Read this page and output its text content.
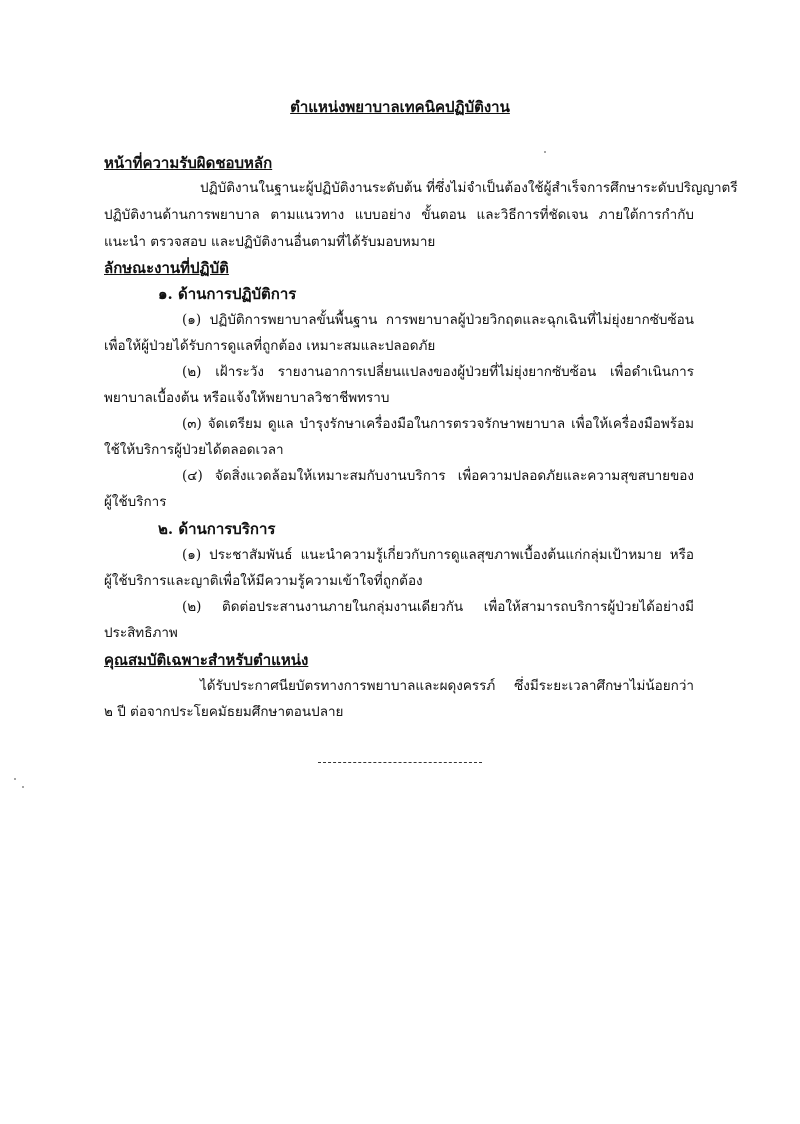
ตำแหน่งพยาบาลเทคนิคปฏิบัติงาน
หน้าที่ความรับผิดชอบหลัก
ปฏิบัติงานในฐานะผู้ปฏิบัติงานระดับต้น ที่ซึ่งไม่จำเป็นต้องใช้ผู้สำเร็จการศึกษาระดับปริญญาตรี
ปฏิบัติงานด้านการพยาบาล ตามแนวทาง แบบอย่าง ขั้นตอน และวิธีการที่ชัดเจน ภายใต้การกำกับ
แนะนำ ตรวจสอบ และปฏิบัติงานอื่นตามที่ได้รับมอบหมาย
ลักษณะงานที่ปฏิบัติ
๑. ด้านการปฏิบัติการ
(๑) ปฏิบัติการพยาบาลขั้นพื้นฐาน การพยาบาลผู้ป่วยวิกฤตและฉุกเฉินที่ไม่ยุ่งยากซับซ้อน
เพื่อให้ผู้ป่วยได้รับการดูแลที่ถูกต้อง เหมาะสมและปลอดภัย
(๒) เฝ้าระวัง รายงานอาการเปลี่ยนแปลงของผู้ป่วยที่ไม่ยุ่งยากซับซ้อน เพื่อดำเนินการ
พยาบาลเบื้องต้น หรือแจ้งให้พยาบาลวิชาชีพทราบ
(๓) จัดเตรียม ดูแล บำรุงรักษาเครื่องมือในการตรวจรักษาพยาบาล เพื่อให้เครื่องมือพร้อม
ใช้ให้บริการผู้ป่วยได้ตลอดเวลา
(๔) จัดสิ่งแวดล้อมให้เหมาะสมกับงานบริการ เพื่อความปลอดภัยและความสุขสบายของ
ผู้ใช้บริการ
๒. ด้านการบริการ
(๑) ประชาสัมพันธ์ แนะนำความรู้เกี่ยวกับการดูแลสุขภาพเบื้องต้นแก่กลุ่มเป้าหมาย หรือ
ผู้ใช้บริการและญาติเพื่อให้มีความรู้ความเข้าใจที่ถูกต้อง
(๒) ติดต่อประสานงานภายในกลุ่มงานเดียวกัน เพื่อให้สามารถบริการผู้ป่วยได้อย่างมี
ประสิทธิภาพ
คุณสมบัติเฉพาะสำหรับตำแหน่ง
ได้รับประกาศนียบัตรทางการพยาบาลและผดุงครรภ์ ซึ่งมีระยะเวลาศึกษาไม่น้อยกว่า
๒ ปี ต่อจากประโยคมัธยมศึกษาตอนปลาย
